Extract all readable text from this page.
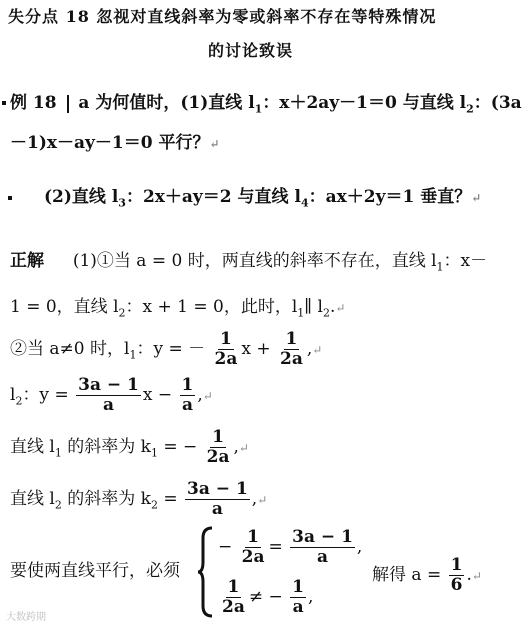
失分点 18 忽视对直线斜率为零或斜率不存在等特殊情况
的讨论致误
例 18 a 为何值时，(1)直线 $l_1$：x＋2ay－1＝0 与直线 $l_2$：(3a
－1)x－ay－1＝0 平行？↵
(2)直线 $l_3$：2x＋ay＝2 与直线 $l_4$：ax＋2y＝1 垂直？↵
正解 (1)①当 a = 0 时，两直线的斜率不存在，直线 $l_1$：x－
1 = 0，直线 $l_2$：x + 1 = 0，此时，$l_1\parallel$ $l_2.↵$
②当 a≠0 时，$l_1$：y = － $\frac{1}{2a}$ $x + \frac{1}{2a}$ ,↵
$l_2$：$y = \frac{3a - 1}{a}$ $x - \frac{1}{a}$ ,↵
直线 $l_1$ 的斜率为 $k_1$ = − $\frac{1}{2a}$ ,↵
直线 $l_2$ 的斜率为 $k_2 = \frac{3a - 1}{a}$ ,↵
要使两直线平行，必须
− $\frac{1}{2a} = \frac{3a - 1}{a}$ ,
$\frac{1}{2a}$ ≠ − $\frac{1}{a}$ ,
解得 $a = \frac{1}{6}$ .↵
大数跨期
